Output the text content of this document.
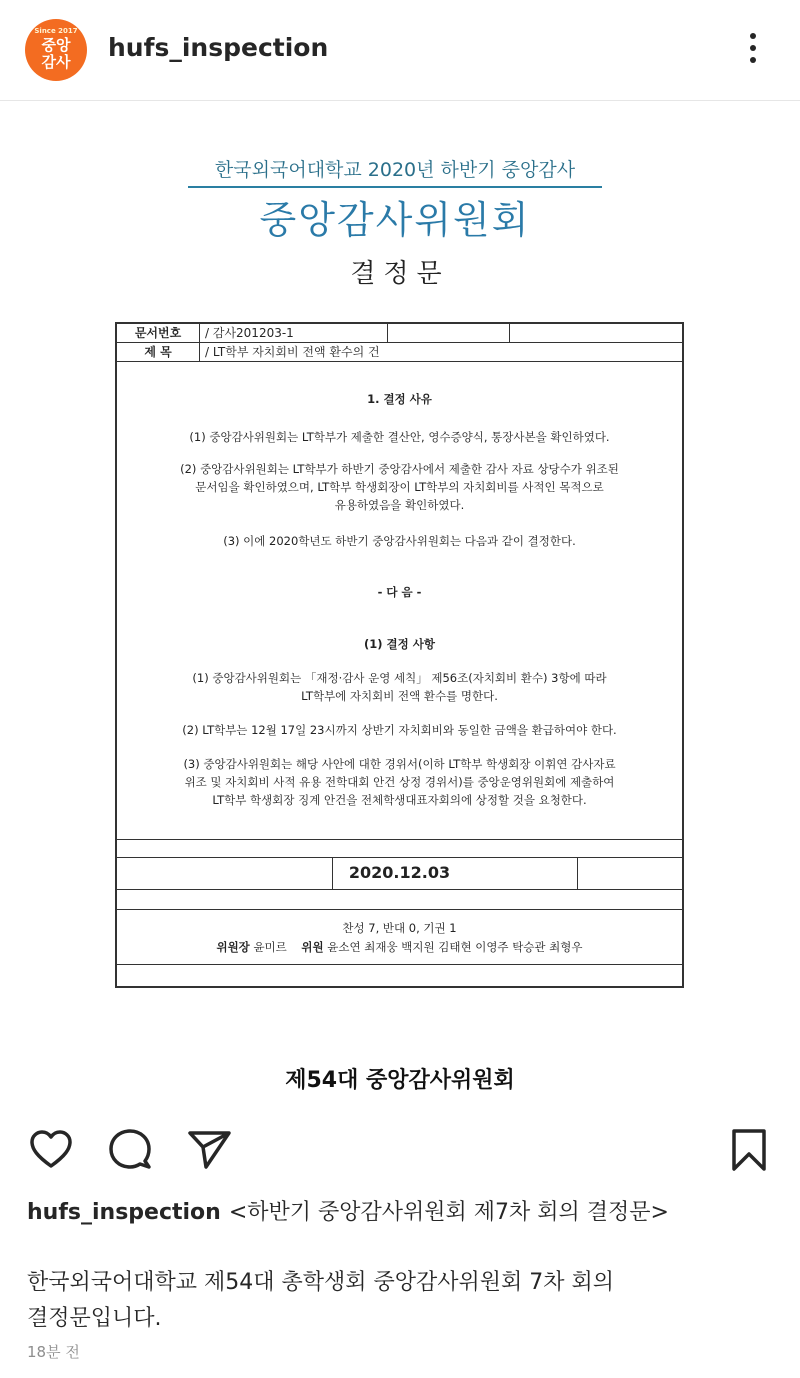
Since 2017
중앙
감사	hufs_inspection
한국외국어대학교 2020년 하반기 중앙감사
중앙감사위원회
결정문
문서번호	/ 감사201203-1
제 목	/ LT학부 자치회비 전액 환수의 건
1. 결정 사유
(1) 중앙감사위원회는 LT학부가 제출한 결산안, 영수증양식, 통장사본을 확인하였다.
(2) 중앙감사위원회는 LT학부가 하반기 중앙감사에서 제출한 감사 자료 상당수가 위조된
문서임을 확인하였으며, LT학부 학생회장이 LT학부의 자치회비를 사적인 목적으로
유용하였음을 확인하였다.
(3) 이에 2020학년도 하반기 중앙감사위원회는 다음과 같이 결정한다.
- 다 음 -
(1) 결정 사항
(1) 중앙감사위원회는 「재정·감사 운영 세칙」 제56조(자치회비 환수) 3항에 따라
LT학부에 자치회비 전액 환수를 명한다.
(2) LT학부는 12월 17일 23시까지 상반기 자치회비와 동일한 금액을 환급하여야 한다.
(3) 중앙감사위원회는 해당 사안에 대한 경위서(이하 LT학부 학생회장 이휘연 감사자료
위조 및 자치회비 사적 유용 전학대회 안건 상정 경위서)를 중앙운영위원회에 제출하여
LT학부 학생회장 징계 안건을 전체학생대표자회의에 상정할 것을 요청한다.
2020.12.03
찬성 7, 반대 0, 기권 1
위원장 윤미르 위원 윤소연 최재웅 백지원 김태현 이영주 탁승관 최형우
제54대 중앙감사위원회
hufs_inspection <하반기 중앙감사위원회 제7차 회의 결정문>
한국외국어대학교 제54대 총학생회 중앙감사위원회 7차 회의
결정문입니다.
18분 전
